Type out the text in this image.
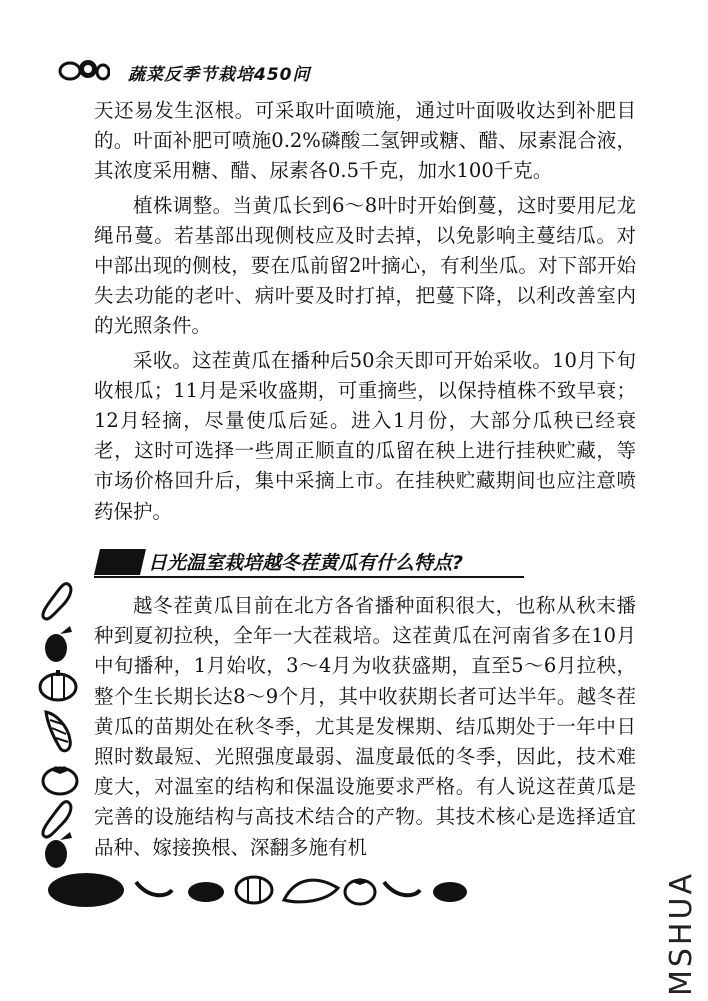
蔬菜反季节栽培450问

天还易发生沤根。可采取叶面喷施，通过叶面吸收达到补肥目的。叶面补肥可喷施0.2%磷酸二氢钾或糖、醋、尿素混合液，其浓度采用糖、醋、尿素各0.5千克，加水100千克。

植株调整。当黄瓜长到6～8叶时开始倒蔓，这时要用尼龙绳吊蔓。若基部出现侧枝应及时去掉，以免影响主蔓结瓜。对中部出现的侧枝，要在瓜前留2叶摘心，有利坐瓜。对下部开始失去功能的老叶、病叶要及时打掉，把蔓下降，以利改善室内的光照条件。

采收。这茬黄瓜在播种后50余天即可开始采收。10月下旬收根瓜；11月是采收盛期，可重摘些，以保持植株不致早衰；12月轻摘，尽量使瓜后延。进入1月份，大部分瓜秧已经衰老，这时可选择一些周正顺直的瓜留在秧上进行挂秧贮藏，等市场价格回升后，集中采摘上市。在挂秧贮藏期间也应注意喷药保护。

日光温室栽培越冬茬黄瓜有什么特点?

越冬茬黄瓜目前在北方各省播种面积很大，也称从秋末播种到夏初拉秧，全年一大茬栽培。这茬黄瓜在河南省多在10月中旬播种，1月始收，3～4月为收获盛期，直至5～6月拉秧，整个生长期长达8～9个月，其中收获期长者可达半年。越冬茬黄瓜的苗期处在秋冬季，尤其是发棵期、结瓜期处于一年中日照时数最短、光照强度最弱、温度最低的冬季，因此，技术难度大，对温室的结构和保温设施要求严格。有人说这茬黄瓜是完善的设施结构与高技术结合的产物。其技术核心是选择适宜品种、嫁接换根、深翻多施有机

MSHUA
